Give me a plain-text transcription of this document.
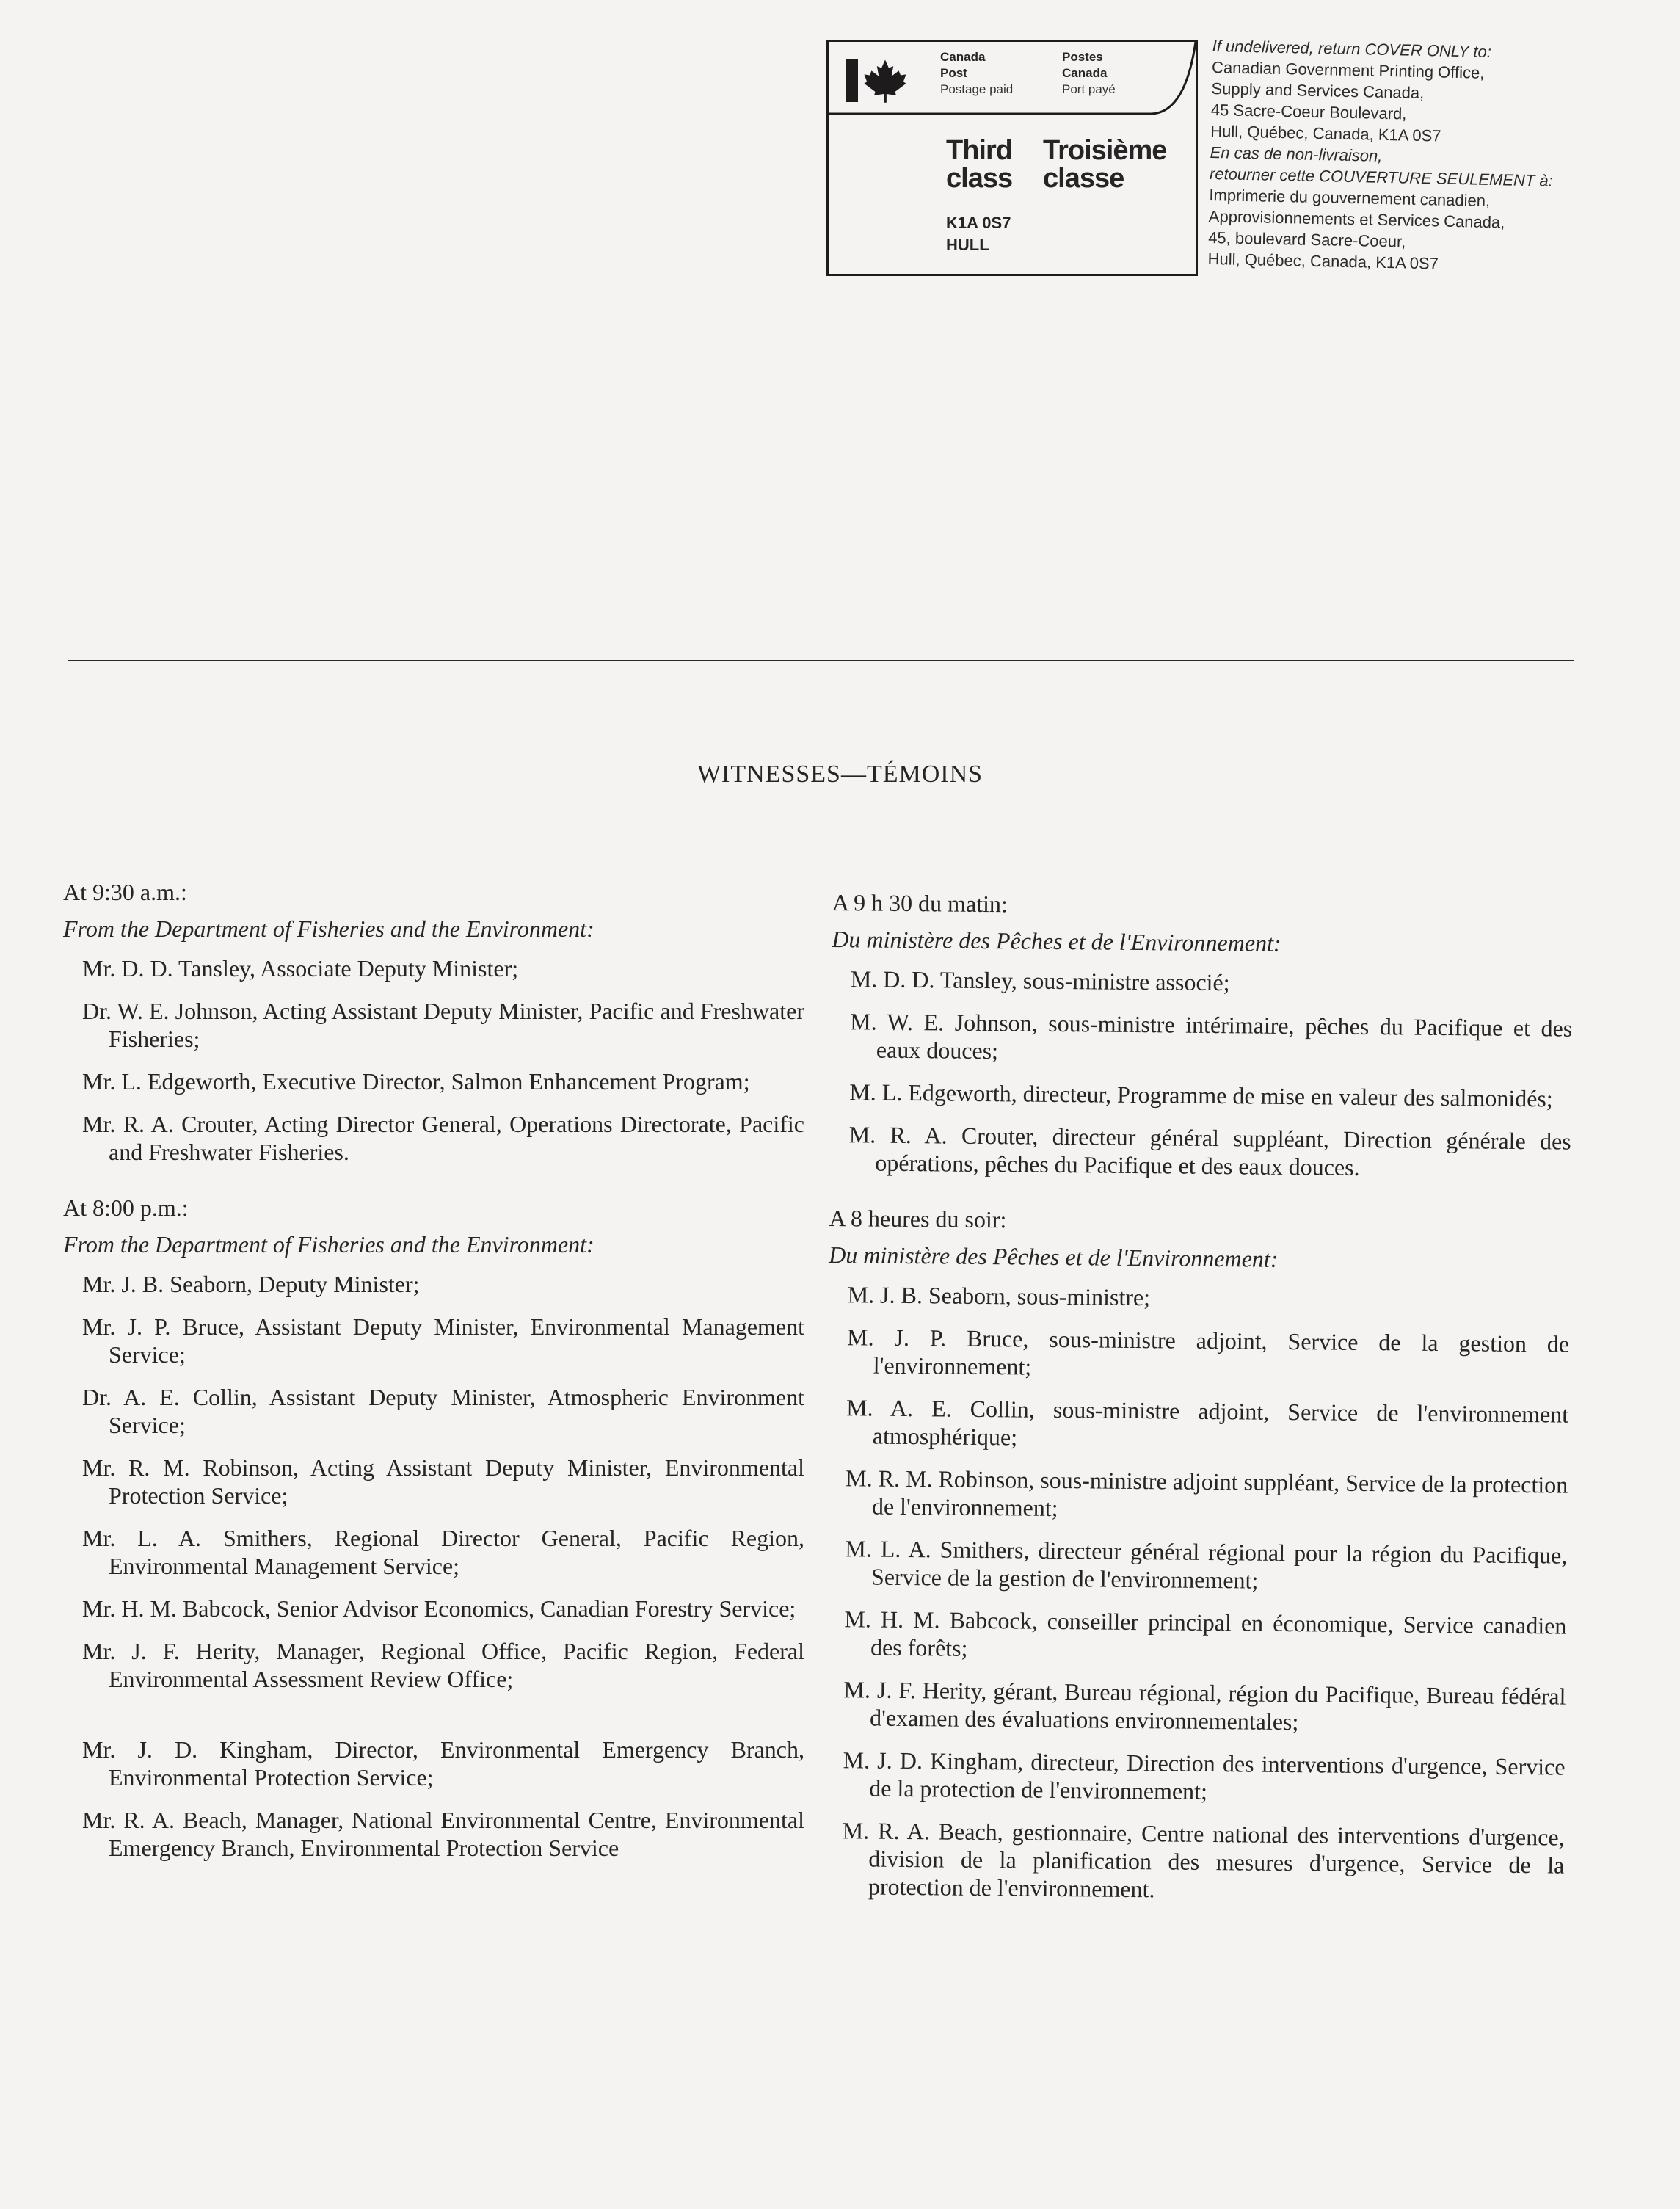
Canada
Post
Postage paid
Postes
Canada
Port payé
Third
class
Troisième
classe
K1A 0S7
HULL
If undelivered, return COVER ONLY to:
Canadian Government Printing Office,
Supply and Services Canada,
45 Sacre-Coeur Boulevard,
Hull, Québec, Canada, K1A 0S7
En cas de non-livraison,
retourner cette COUVERTURE SEULEMENT à:
Imprimerie du gouvernement canadien,
Approvisionnements et Services Canada,
45, boulevard Sacre-Coeur,
Hull, Québec, Canada, K1A 0S7
WITNESSES—TÉMOINS

At 9:30 a.m.:

From the Department of Fisheries and the Environment:

Mr. D. D. Tansley, Associate Deputy Minister;

Dr. W. E. Johnson, Acting Assistant Deputy Minister, Pacific and Freshwater Fisheries;

Mr. L. Edgeworth, Executive Director, Salmon Enhancement Program;

Mr. R. A. Crouter, Acting Director General, Operations Directorate, Pacific and Freshwater Fisheries.

At 8:00 p.m.:

From the Department of Fisheries and the Environment:

Mr. J. B. Seaborn, Deputy Minister;

Mr. J. P. Bruce, Assistant Deputy Minister, Environmental Management Service;

Dr. A. E. Collin, Assistant Deputy Minister, Atmospheric Environment Service;

Mr. R. M. Robinson, Acting Assistant Deputy Minister, Environmental Protection Service;

Mr. L. A. Smithers, Regional Director General, Pacific Region, Environmental Management Service;

Mr. H. M. Babcock, Senior Advisor Economics, Canadian Forestry Service;

Mr. J. F. Herity, Manager, Regional Office, Pacific Region, Federal Environmental Assessment Review Office;

Mr. J. D. Kingham, Director, Environmental Emergency Branch, Environmental Protection Service;

Mr. R. A. Beach, Manager, National Environmental Centre, Environmental Emergency Branch, Environmental Protection Service

A 9 h 30 du matin:

Du ministère des Pêches et de l'Environnement:

M. D. D. Tansley, sous-ministre associé;

M. W. E. Johnson, sous-ministre intérimaire, pêches du Pacifique et des eaux douces;

M. L. Edgeworth, directeur, Programme de mise en valeur des salmonidés;

M. R. A. Crouter, directeur général suppléant, Direction générale des opérations, pêches du Pacifique et des eaux douces.

A 8 heures du soir:

Du ministère des Pêches et de l'Environnement:

M. J. B. Seaborn, sous-ministre;

M. J. P. Bruce, sous-ministre adjoint, Service de la gestion de l'environnement;

M. A. E. Collin, sous-ministre adjoint, Service de l'environnement atmosphérique;

M. R. M. Robinson, sous-ministre adjoint suppléant, Service de la protection de l'environnement;

M. L. A. Smithers, directeur général régional pour la région du Pacifique, Service de la gestion de l'environnement;

M. H. M. Babcock, conseiller principal en économique, Service canadien des forêts;

M. J. F. Herity, gérant, Bureau régional, région du Pacifique, Bureau fédéral d'examen des évaluations environnementales;

M. J. D. Kingham, directeur, Direction des interventions d'urgence, Service de la protection de l'environnement;

M. R. A. Beach, gestionnaire, Centre national des interventions d'urgence, division de la planification des mesures d'urgence, Service de la protection de l'environnement.
